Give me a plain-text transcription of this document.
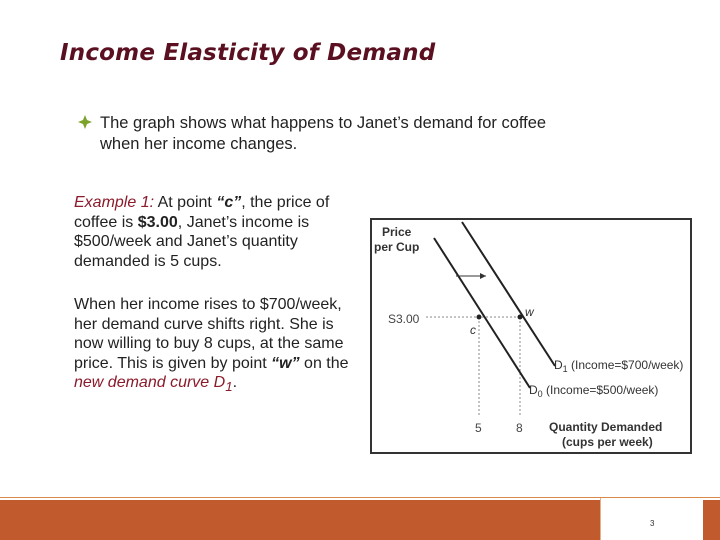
Income Elasticity of Demand
The graph shows what happens to Janet’s demand for coffee
when her income changes.
Example 1: At point “c”, the price of coffee is $3.00, Janet’s income is $500/week and Janet’s quantity demanded is 5 cups.
When her income rises to $700/week, her demand curve shifts right. She is now willing to buy 8 cups, at the same price. This is given by point “w” on the new demand curve $D_1$.
Price
per Cup
S3.00
c
w
$D_1$ (Income=$700/week)
$D_0$ (Income=$500/week)
5	8 Quantity Demanded
(cups per week)
3
